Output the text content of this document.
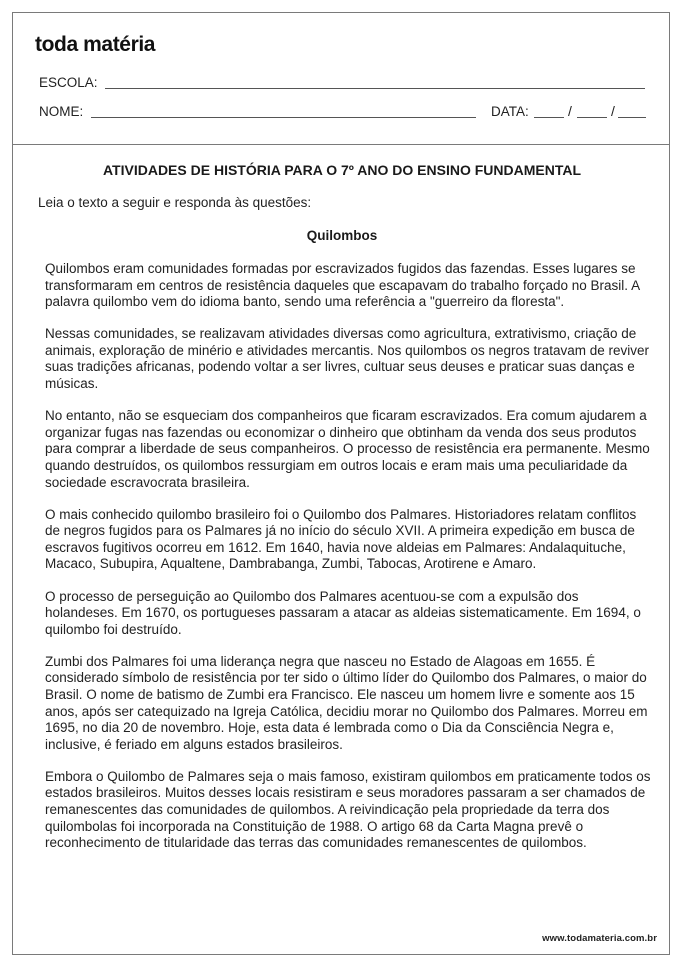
toda matéria
ESCOLA:
NOME:	DATA:	/	/
ATIVIDADES DE HISTÓRIA PARA O 7º ANO DO ENSINO FUNDAMENTAL
Leia o texto a seguir e responda às questões:
Quilombos

Quilombos eram comunidades formadas por escravizados fugidos das fazendas. Esses lugares se transformaram em centros de resistência daqueles que escapavam do trabalho forçado no Brasil. A palavra quilombo vem do idioma banto, sendo uma referência a "guerreiro da floresta".

Nessas comunidades, se realizavam atividades diversas como agricultura, extrativismo, criação de animais, exploração de minério e atividades mercantis. Nos quilombos os negros tratavam de reviver suas tradições africanas, podendo voltar a ser livres, cultuar seus deuses e praticar suas danças e músicas.

No entanto, não se esqueciam dos companheiros que ficaram escravizados. Era comum ajudarem a organizar fugas nas fazendas ou economizar o dinheiro que obtinham da venda dos seus produtos para comprar a liberdade de seus companheiros. O processo de resistência era permanente. Mesmo quando destruídos, os quilombos ressurgiam em outros locais e eram mais uma peculiaridade da sociedade escravocrata brasileira.

O mais conhecido quilombo brasileiro foi o Quilombo dos Palmares. Historiadores relatam conflitos de negros fugidos para os Palmares já no início do século XVII. A primeira expedição em busca de escravos fugitivos ocorreu em 1612. Em 1640, havia nove aldeias em Palmares: Andalaquituche, Macaco, Subupira, Aqualtene, Dambrabanga, Zumbi, Tabocas, Arotirene e Amaro.

O processo de perseguição ao Quilombo dos Palmares acentuou-se com a expulsão dos holandeses. Em 1670, os portugueses passaram a atacar as aldeias sistematicamente. Em 1694, o quilombo foi destruído.

Zumbi dos Palmares foi uma liderança negra que nasceu no Estado de Alagoas em 1655. É considerado símbolo de resistência por ter sido o último líder do Quilombo dos Palmares, o maior do Brasil. O nome de batismo de Zumbi era Francisco. Ele nasceu um homem livre e somente aos 15 anos, após ser catequizado na Igreja Católica, decidiu morar no Quilombo dos Palmares. Morreu em 1695, no dia 20 de novembro. Hoje, esta data é lembrada como o Dia da Consciência Negra e, inclusive, é feriado em alguns estados brasileiros.

Embora o Quilombo de Palmares seja o mais famoso, existiram quilombos em praticamente todos os estados brasileiros. Muitos desses locais resistiram e seus moradores passaram a ser chamados de remanescentes das comunidades de quilombos. A reivindicação pela propriedade da terra dos quilombolas foi incorporada na Constituição de 1988. O artigo 68 da Carta Magna prevê o reconhecimento de titularidade das terras das comunidades remanescentes de quilombos.

www.todamateria.com.br
